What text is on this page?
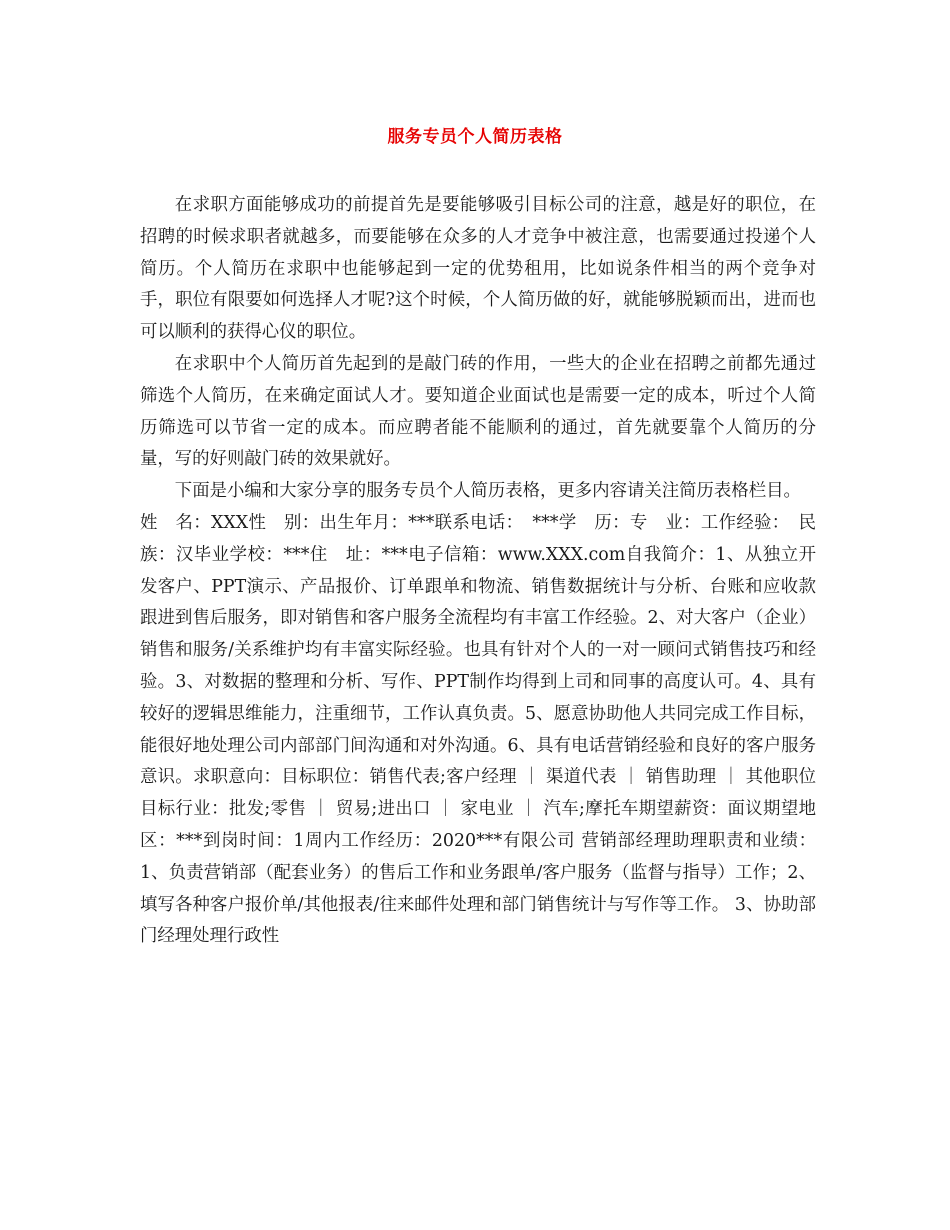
服务专员个人简历表格

在求职方面能够成功的前提首先是要能够吸引目标公司的注意，越是好的职位，在招聘的时候求职者就越多，而要能够在众多的人才竞争中被注意，也需要通过投递个人简历。个人简历在求职中也能够起到一定的优势租用，比如说条件相当的两个竞争对手，职位有限要如何选择人才呢?这个时候，个人简历做的好，就能够脱颖而出，进而也可以顺利的获得心仪的职位。

在求职中个人简历首先起到的是敲门砖的作用，一些大的企业在招聘之前都先通过筛选个人简历，在来确定面试人才。要知道企业面试也是需要一定的成本，听过个人简历筛选可以节省一定的成本。而应聘者能不能顺利的通过，首先就要靠个人简历的分量，写的好则敲门砖的效果就好。

下面是小编和大家分享的服务专员个人简历表格，更多内容请关注简历表格栏目。

姓　名：XXX性　别：出生年月：***联系电话：　***学　历：专　业：工作经验：　民族：汉毕业学校：***住　址：***电子信箱：www.XXX.com自我简介：1、从独立开发客户、PPT演示、产品报价、订单跟单和物流、销售数据统计与分析、台账和应收款跟进到售后服务，即对销售和客户服务全流程均有丰富工作经验。2、对大客户（企业）销售和服务/关系维护均有丰富实际经验。也具有针对个人的一对一顾问式销售技巧和经验。3、对数据的整理和分析、写作、PPT制作均得到上司和同事的高度认可。4、具有较好的逻辑思维能力，注重细节，工作认真负责。5、愿意协助他人共同完成工作目标，能很好地处理公司内部部门间沟通和对外沟通。6、具有电话营销经验和良好的客户服务意识。求职意向：目标职位：销售代表;客户经理 ｜ 渠道代表 ｜ 销售助理 ｜ 其他职位目标行业：批发;零售 ｜ 贸易;进出口 ｜ 家电业 ｜ 汽车;摩托车期望薪资：面议期望地区：***到岗时间：1周内工作经历：2020***有限公司 营销部经理助理职责和业绩：1、负责营销部（配套业务）的售后工作和业务跟单/客户服务（监督与指导）工作；2、填写各种客户报价单/其他报表/往来邮件处理和部门销售统计与写作等工作。 3、协助部门经理处理行政性
